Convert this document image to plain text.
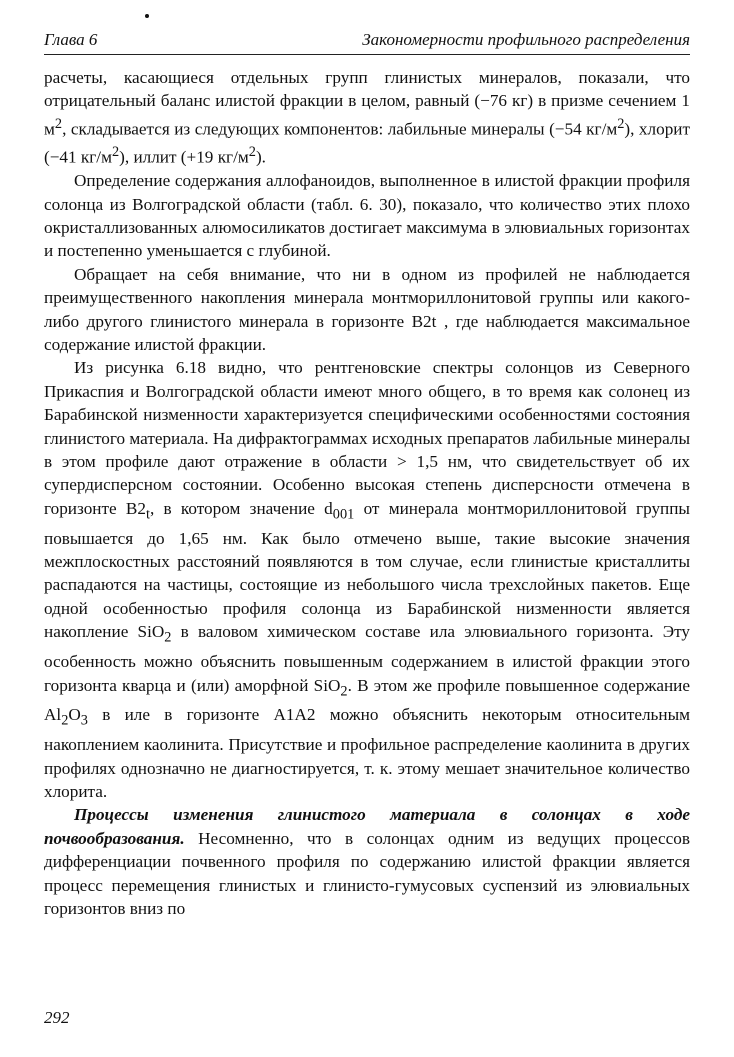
Глава 6	Закономерности профильного распределения

расчеты, касающиеся отдельных групп глинистых минералов, показали, что отрицательный баланс илистой фракции в целом, равный (−76 кг) в призме сечением 1 $м^2$, складывается из следующих компонентов: лабильные минералы (−54 $кг/м^2$), хлорит (−41 $кг/м^2$), иллит (+19 $кг/м^2$).

Определение содержания аллофаноидов, выполненное в илистой фракции профиля солонца из Волгоградской области (табл. 6. 30), показало, что количество этих плохо окристаллизованных алюмосиликатов достигает максимума в элювиальных горизонтах и постепенно уменьшается с глубиной.

Обращает на себя внимание, что ни в одном из профилей не наблюдается преимущественного накопления минерала монтмориллонитовой группы или какого-либо другого глинистого минерала в горизонте B2t , где наблюдается максимальное содержание илистой фракции.

Из рисунка 6.18 видно, что рентгеновские спектры солонцов из Северного Прикаспия и Волгоградской области имеют много общего, в то время как солонец из Барабинской низменности характеризуется специфическими особенностями состояния глинистого материала. На дифрактограммах исходных препаратов лабильные минералы в этом профиле дают отражение в области > 1,5 нм, что свидетельствует об их супердисперсном состоянии. Особенно высокая степень дисперсности отмечена в горизонте $B2_t$, в котором значение $d_{001}$ от минерала монтмориллонитовой группы повышается до 1,65 нм. Как было отмечено выше, такие высокие значения межплоскостных расстояний появляются в том случае, если глинистые кристаллиты распадаются на частицы, состоящие из небольшого числа трехслойных пакетов. Еще одной особенностью профиля солонца из Барабинской низменности является накопление SiO$_2$ в валовом химическом составе ила элювиального горизонта. Эту особенность можно объяснить повышенным содержанием в илистой фракции этого горизонта кварца и (или) аморфной SiO$_2$. В этом же профиле повышенное содержание $Al_2O_3$ в иле в горизонте A1A2 можно объяснить некоторым относительным накоплением каолинита. Присутствие и профильное распределение каолинита в других профилях однозначно не диагностируется, т. к. этому мешает значительное количество хлорита.

Процессы изменения глинистого материала в солонцах в ходе почвообразования. Несомненно, что в солонцах одним из ведущих процессов дифференциации почвенного профиля по содержанию илистой фракции является процесс перемещения глинистых и глинисто-гумусовых суспензий из элювиальных горизонтов вниз по

292
